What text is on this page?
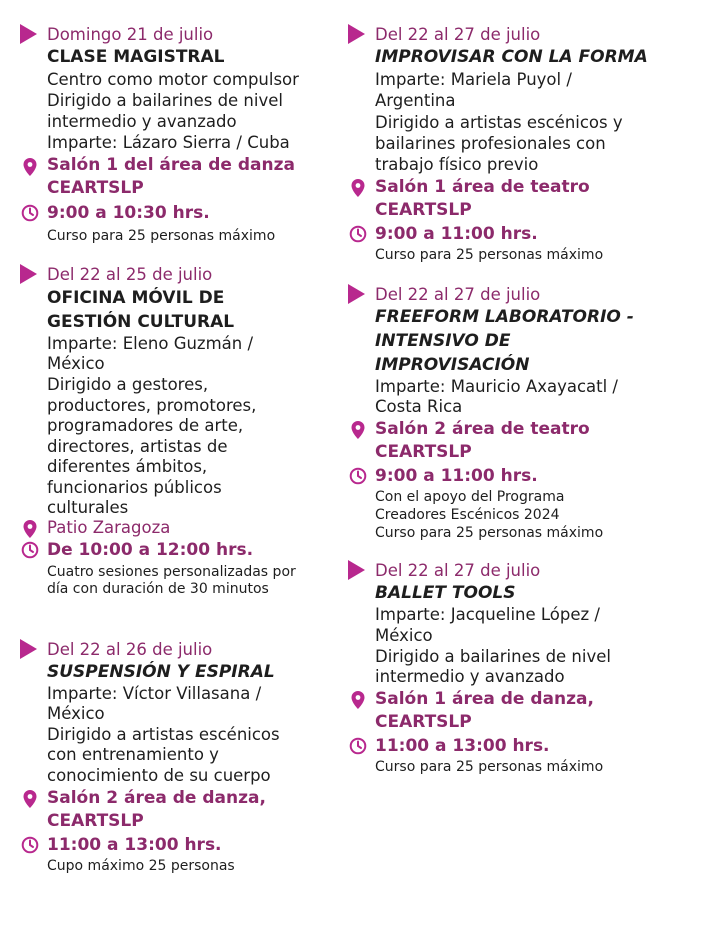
Domingo 21 de julio
CLASE MAGISTRAL
Centro como motor compulsor
Dirigido a bailarines de nivel
intermedio y avanzado
Imparte: Lázaro Sierra / Cuba
Salón 1 del área de danza
CEARTSLP
9:00 a 10:30 hrs.
Curso para 25 personas máximo
Del 22 al 25 de julio
OFICINA MÓVIL DE
GESTIÓN CULTURAL
Imparte: Eleno Guzmán /
México
Dirigido a gestores,
productores, promotores,
programadores de arte,
directores, artistas de
diferentes ámbitos,
funcionarios públicos
culturales
Patio Zaragoza
De 10:00 a 12:00 hrs.
Cuatro sesiones personalizadas por
día con duración de 30 minutos
Del 22 al 26 de julio
SUSPENSIÓN Y ESPIRAL
Imparte: Víctor Villasana /
México
Dirigido a artistas escénicos
con entrenamiento y
conocimiento de su cuerpo
Salón 2 área de danza,
CEARTSLP
11:00 a 13:00 hrs.
Cupo máximo 25 personas
Del 22 al 27 de julio
IMPROVISAR CON LA FORMA
Imparte: Mariela Puyol /
Argentina
Dirigido a artistas escénicos y
bailarines profesionales con
trabajo físico previo
Salón 1 área de teatro
CEARTSLP
9:00 a 11:00 hrs.
Curso para 25 personas máximo
Del 22 al 27 de julio
FREEFORM LABORATORIO -
INTENSIVO DE
IMPROVISACIÓN
Imparte: Mauricio Axayacatl /
Costa Rica
Salón 2 área de teatro
CEARTSLP
9:00 a 11:00 hrs.
Con el apoyo del Programa
Creadores Escénicos 2024
Curso para 25 personas máximo
Del 22 al 27 de julio
BALLET TOOLS
Imparte: Jacqueline López /
México
Dirigido a bailarines de nivel
intermedio y avanzado
Salón 1 área de danza,
CEARTSLP
11:00 a 13:00 hrs.
Curso para 25 personas máximo
